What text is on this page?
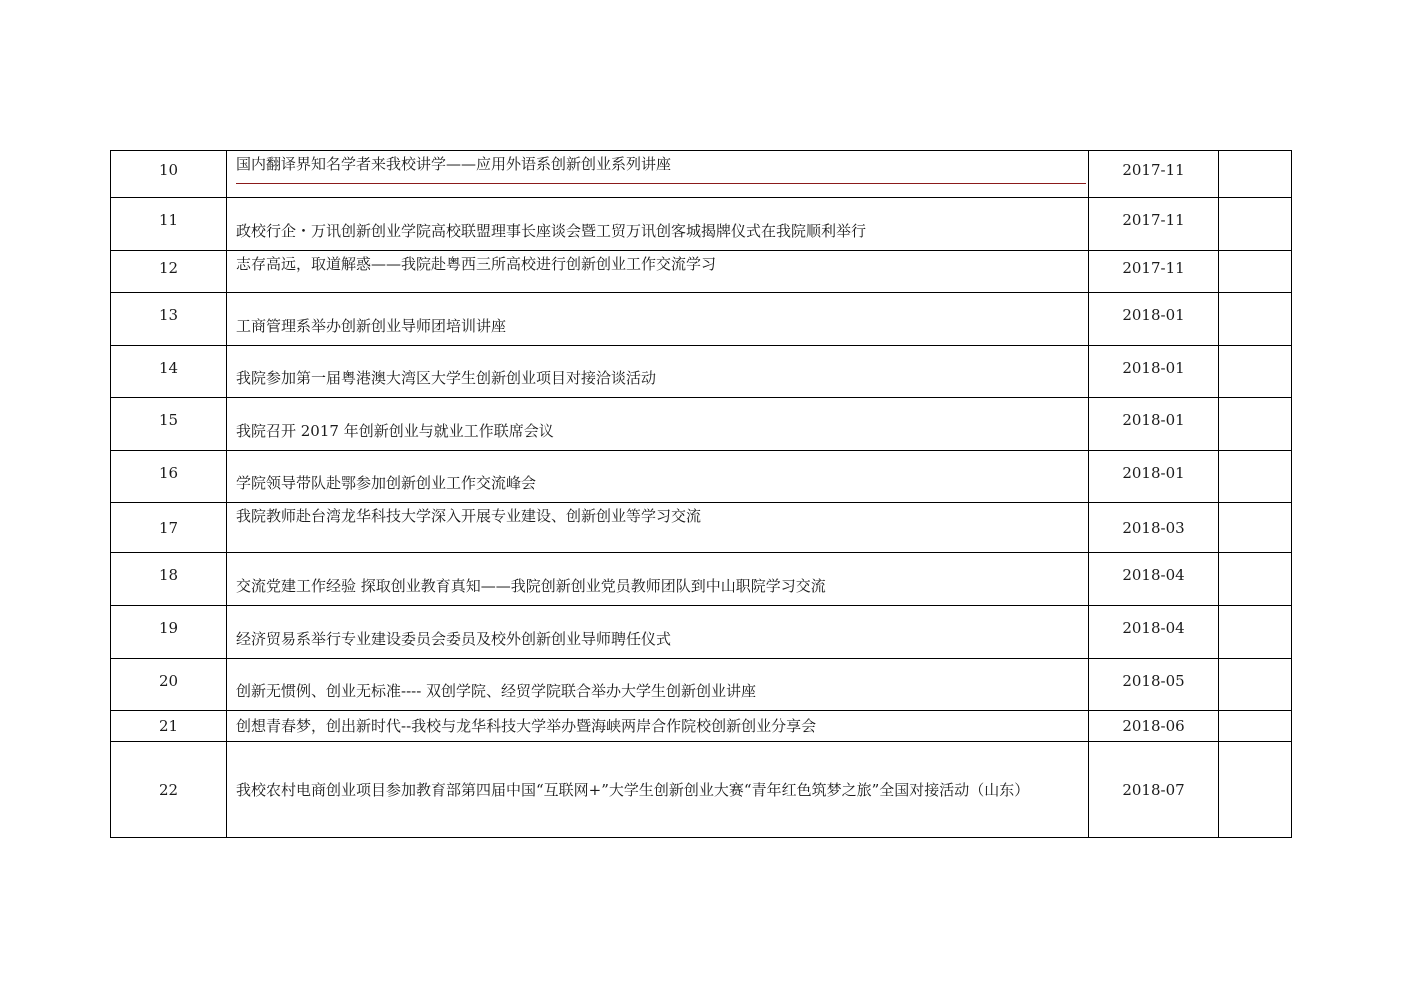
10	国内翻译界知名学者来我校讲学——应用外语系创新创业系列讲座	2017-11	
11	政校行企・万讯创新创业学院高校联盟理事长座谈会暨工贸万讯创客城揭牌仪式在我院顺利举行	2017-11	
12	志存高远，取道解惑——我院赴粤西三所高校进行创新创业工作交流学习	2017-11	
13	工商管理系举办创新创业导师团培训讲座	2018-01	
14	我院参加第一届粤港澳大湾区大学生创新创业项目对接洽谈活动	2018-01	
15	我院召开 2017 年创新创业与就业工作联席会议	2018-01	
16	学院领导带队赴鄂参加创新创业工作交流峰会	2018-01	
17	我院教师赴台湾龙华科技大学深入开展专业建设、创新创业等学习交流	2018-03	
18	交流党建工作经验 探取创业教育真知——我院创新创业党员教师团队到中山职院学习交流	2018-04	
19	经济贸易系举行专业建设委员会委员及校外创新创业导师聘任仪式	2018-04	
20	创新无惯例、创业无标准---- 双创学院、经贸学院联合举办大学生创新创业讲座	2018-05	
21	创想青春梦，创出新时代--我校与龙华科技大学举办暨海峡两岸合作院校创新创业分享会	2018-06	
22	我校农村电商创业项目参加教育部第四届中国“互联网+”大学生创新创业大赛“青年红色筑梦之旅”全国对接活动（山东）	2018-07	
